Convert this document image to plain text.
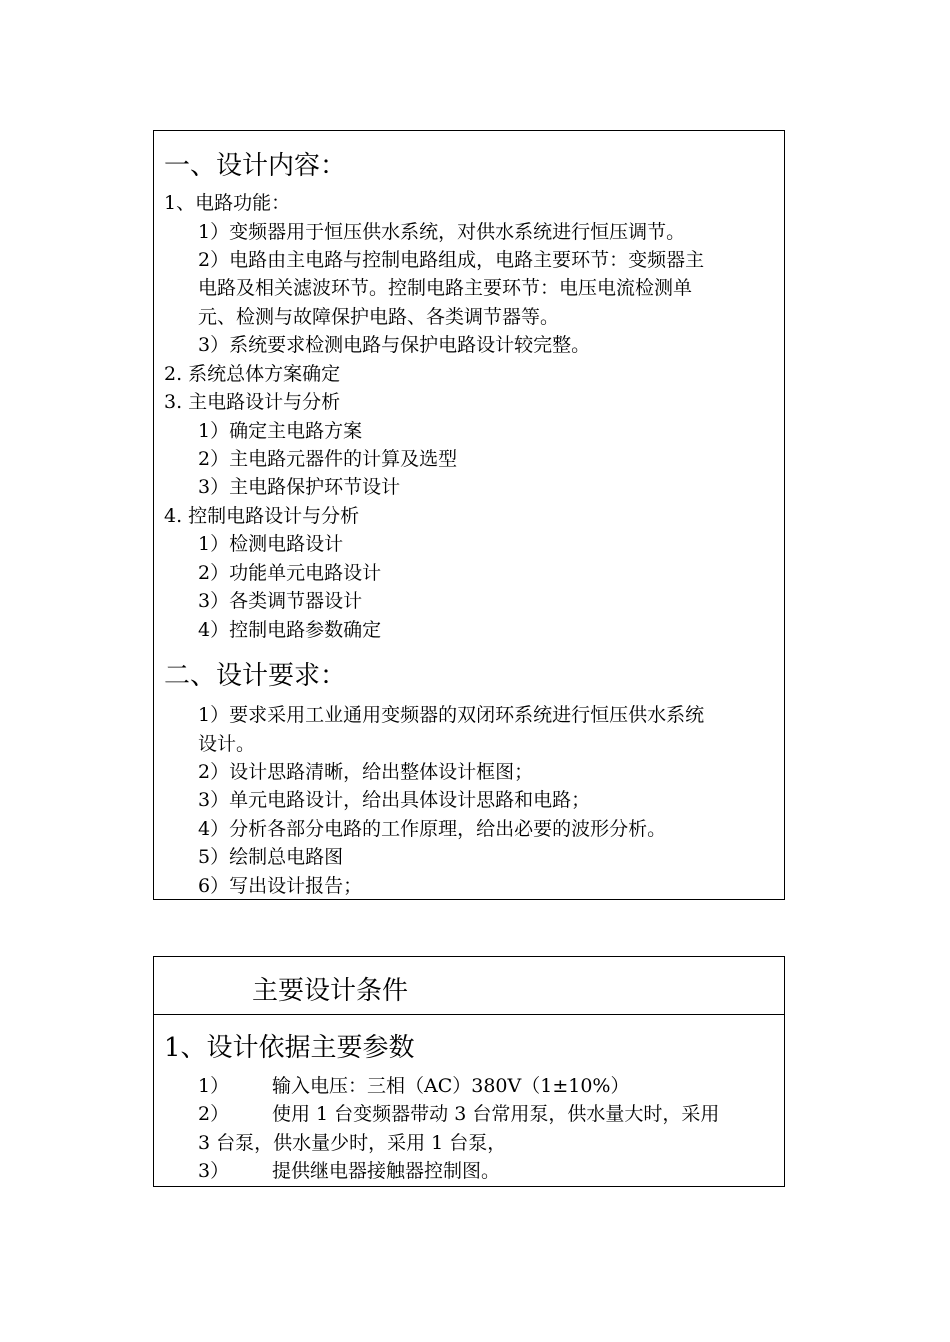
一、设计内容：
1、电路功能：
1）变频器用于恒压供水系统，对供水系统进行恒压调节。
2）电路由主电路与控制电路组成，电路主要环节：变频器主
电路及相关滤波环节。控制电路主要环节：电压电流检测单
元、检测与故障保护电路、各类调节器等。
3）系统要求检测电路与保护电路设计较完整。
2. 系统总体方案确定
3. 主电路设计与分析
1）确定主电路方案
2）主电路元器件的计算及选型
3）主电路保护环节设计
4. 控制电路设计与分析
1）检测电路设计
2）功能单元电路设计
3）各类调节器设计
4）控制电路参数确定
二、设计要求：
1）要求采用工业通用变频器的双闭环系统进行恒压供水系统
设计。
2）设计思路清晰，给出整体设计框图；
3）单元电路设计，给出具体设计思路和电路；
4）分析各部分电路的工作原理，给出必要的波形分析。
5）绘制总电路图
6）写出设计报告；
主要设计条件
1、设计依据主要参数
1） 输入电压：三相（AC）380V（1±10%）
2） 使用 1 台变频器带动 3 台常用泵，供水量大时，采用
3 台泵，供水量少时，采用 1 台泵，
3） 提供继电器接触器控制图。
